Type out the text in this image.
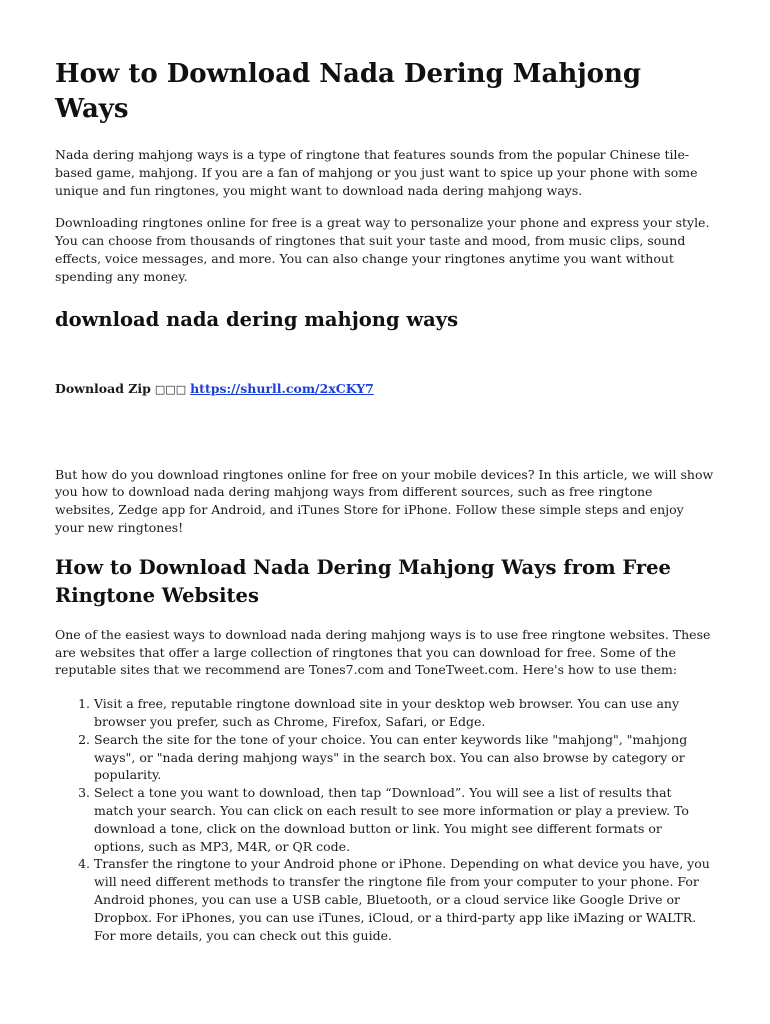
How to Download Nada Dering Mahjong Ways

Nada dering mahjong ways is a type of ringtone that features sounds from the popular Chinese tile-based game, mahjong. If you are a fan of mahjong or you just want to spice up your phone with some unique and fun ringtones, you might want to download nada dering mahjong ways.

Downloading ringtones online for free is a great way to personalize your phone and express your style. You can choose from thousands of ringtones that suit your taste and mood, from music clips, sound effects, voice messages, and more. You can also change your ringtones anytime you want without spending any money.

download nada dering mahjong ways
Download Zip □□□ https://shurll.com/2xCKY7

But how do you download ringtones online for free on your mobile devices? In this article, we will show you how to download nada dering mahjong ways from different sources, such as free ringtone websites, Zedge app for Android, and iTunes Store for iPhone. Follow these simple steps and enjoy your new ringtones!

How to Download Nada Dering Mahjong Ways from Free Ringtone Websites

One of the easiest ways to download nada dering mahjong ways is to use free ringtone websites. These are websites that offer a large collection of ringtones that you can download for free. Some of the reputable sites that we recommend are Tones7.com and ToneTweet.com. Here's how to use them:

1. Visit a free, reputable ringtone download site in your desktop web browser. You can use any browser you prefer, such as Chrome, Firefox, Safari, or Edge.
2. Search the site for the tone of your choice. You can enter keywords like "mahjong", "mahjong ways", or "nada dering mahjong ways" in the search box. You can also browse by category or popularity.
3. Select a tone you want to download, then tap “Download”. You will see a list of results that match your search. You can click on each result to see more information or play a preview. To download a tone, click on the download button or link. You might see different formats or options, such as MP3, M4R, or QR code.
4. Transfer the ringtone to your Android phone or iPhone. Depending on what device you have, you will need different methods to transfer the ringtone file from your computer to your phone. For Android phones, you can use a USB cable, Bluetooth, or a cloud service like Google Drive or Dropbox. For iPhones, you can use iTunes, iCloud, or a third-party app like iMazing or WALTR. For more details, you can check out this guide.
